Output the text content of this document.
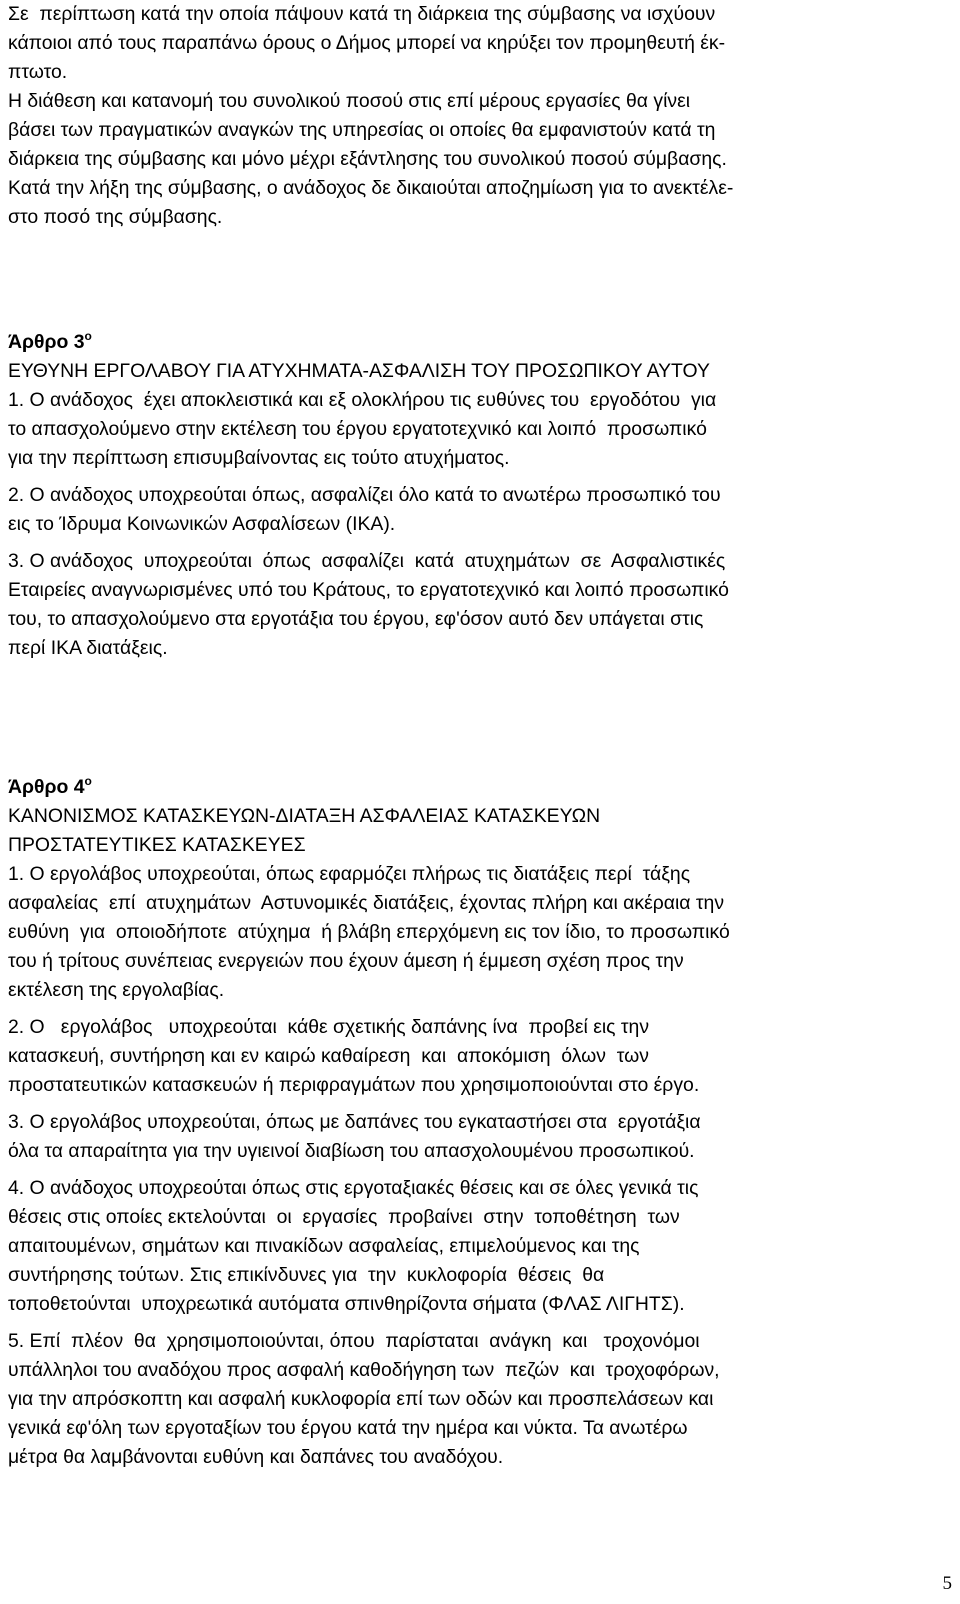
Σε  περίπτωση κατά την οποία πάψουν κατά τη διάρκεια της σύμβασης να ισχύουν
κάποιοι από τους παραπάνω όρους ο Δήμος μπορεί να κηρύξει τον προμηθευτή έκ-
πτωτο.
Η διάθεση και κατανομή του συνολικού ποσού στις επί μέρους εργασίες θα γίνει
βάσει των πραγματικών αναγκών της υπηρεσίας οι οποίες θα εμφανιστούν κατά τη
διάρκεια της σύμβασης και μόνο μέχρι εξάντλησης του συνολικού ποσού σύμβασης.
Κατά την λήξη της σύμβασης, ο ανάδοχος δε δικαιούται αποζημίωση για το ανεκτέλε-
στο ποσό της σύμβασης.
Άρθρο $3^o$
ΕΥΘΥΝΗ ΕΡΓΟΛΑΒΟΥ ΓΙΑ ΑΤΥΧΗΜΑΤΑ-ΑΣΦΑΛΙΣΗ ΤΟΥ ΠΡΟΣΩΠΙΚΟΥ ΑΥΤΟΥ
1. Ο ανάδοχος  έχει αποκλειστικά και εξ ολοκλήρου τις ευθύνες του  εργοδότου  για
το απασχολούμενο στην εκτέλεση του έργου εργατοτεχνικό και λοιπό  προσωπικό
για την περίπτωση επισυμβαίνοντας εις τούτο ατυχήματος.
2. Ο ανάδοχος υποχρεούται όπως, ασφαλίζει όλο κατά το ανωτέρω προσωπικό του
εις το Ίδρυμα Κοινωνικών Ασφαλίσεων (ΙΚΑ).
3. Ο ανάδοχος  υποχρεούται  όπως  ασφαλίζει  κατά  ατυχημάτων  σε  Ασφαλιστικές
Εταιρείες αναγνωρισμένες υπό του Κράτους, το εργατοτεχνικό και λοιπό προσωπικό
του, το απασχολούμενο στα εργοτάξια του έργου, εφ'όσον αυτό δεν υπάγεται στις
περί ΙΚΑ διατάξεις.
Άρθρο $4^o$
ΚΑΝΟΝΙΣΜΟΣ ΚΑΤΑΣΚΕΥΩΝ-ΔΙΑΤΑΞΗ ΑΣΦΑΛΕΙΑΣ ΚΑΤΑΣΚΕΥΩΝ
ΠΡΟΣΤΑΤΕΥΤΙΚΕΣ ΚΑΤΑΣΚΕΥΕΣ
1. Ο εργολάβος υποχρεούται, όπως εφαρμόζει πλήρως τις διατάξεις περί  τάξης
ασφαλείας  επί  ατυχημάτων  Αστυνομικές διατάξεις, έχοντας πλήρη και ακέραια την
ευθύνη  για  οποιοδήποτε  ατύχημα  ή βλάβη επερχόμενη εις τον ίδιο, το προσωπικό
του ή τρίτους συνέπειας ενεργειών που έχουν άμεση ή έμμεση σχέση προς την
εκτέλεση της εργολαβίας.
2. Ο   εργολάβος   υποχρεούται  κάθε σχετικής δαπάνης ίνα  προβεί εις την
κατασκευή, συντήρηση και εν καιρώ καθαίρεση  και  αποκόμιση  όλων  των
προστατευτικών κατασκευών ή περιφραγμάτων που χρησιμοποιούνται στο έργο.
3. Ο εργολάβος υποχρεούται, όπως με δαπάνες του εγκαταστήσει στα  εργοτάξια
όλα τα απαραίτητα για την υγιεινοί διαβίωση του απασχολουμένου προσωπικού.
4. Ο ανάδοχος υποχρεούται όπως στις εργοταξιακές θέσεις και σε όλες γενικά τις
θέσεις στις οποίες εκτελούνται  οι  εργασίες  προβαίνει  στην  τοποθέτηση  των
απαιτουμένων, σημάτων και πινακίδων ασφαλείας, επιμελούμενος και της
συντήρησης τούτων. Στις επικίνδυνες για  την  κυκλοφορία  θέσεις  θα
τοποθετούνται  υποχρεωτικά αυτόματα σπινθηρίζοντα σήματα (ΦΛΑΣ ΛΙΓΗΤΣ).
5. Επί  πλέον  θα  χρησιμοποιούνται, όπου  παρίσταται  ανάγκη  και   τροχονόμοι
υπάλληλοι του αναδόχου προς ασφαλή καθοδήγηση των  πεζών  και  τροχοφόρων,
για την απρόσκοπτη και ασφαλή κυκλοφορία επί των οδών και προσπελάσεων και
γενικά εφ'όλη των εργοταξίων του έργου κατά την ημέρα και νύκτα. Τα ανωτέρω
μέτρα θα λαμβάνονται ευθύνη και δαπάνες του αναδόχου.
5
